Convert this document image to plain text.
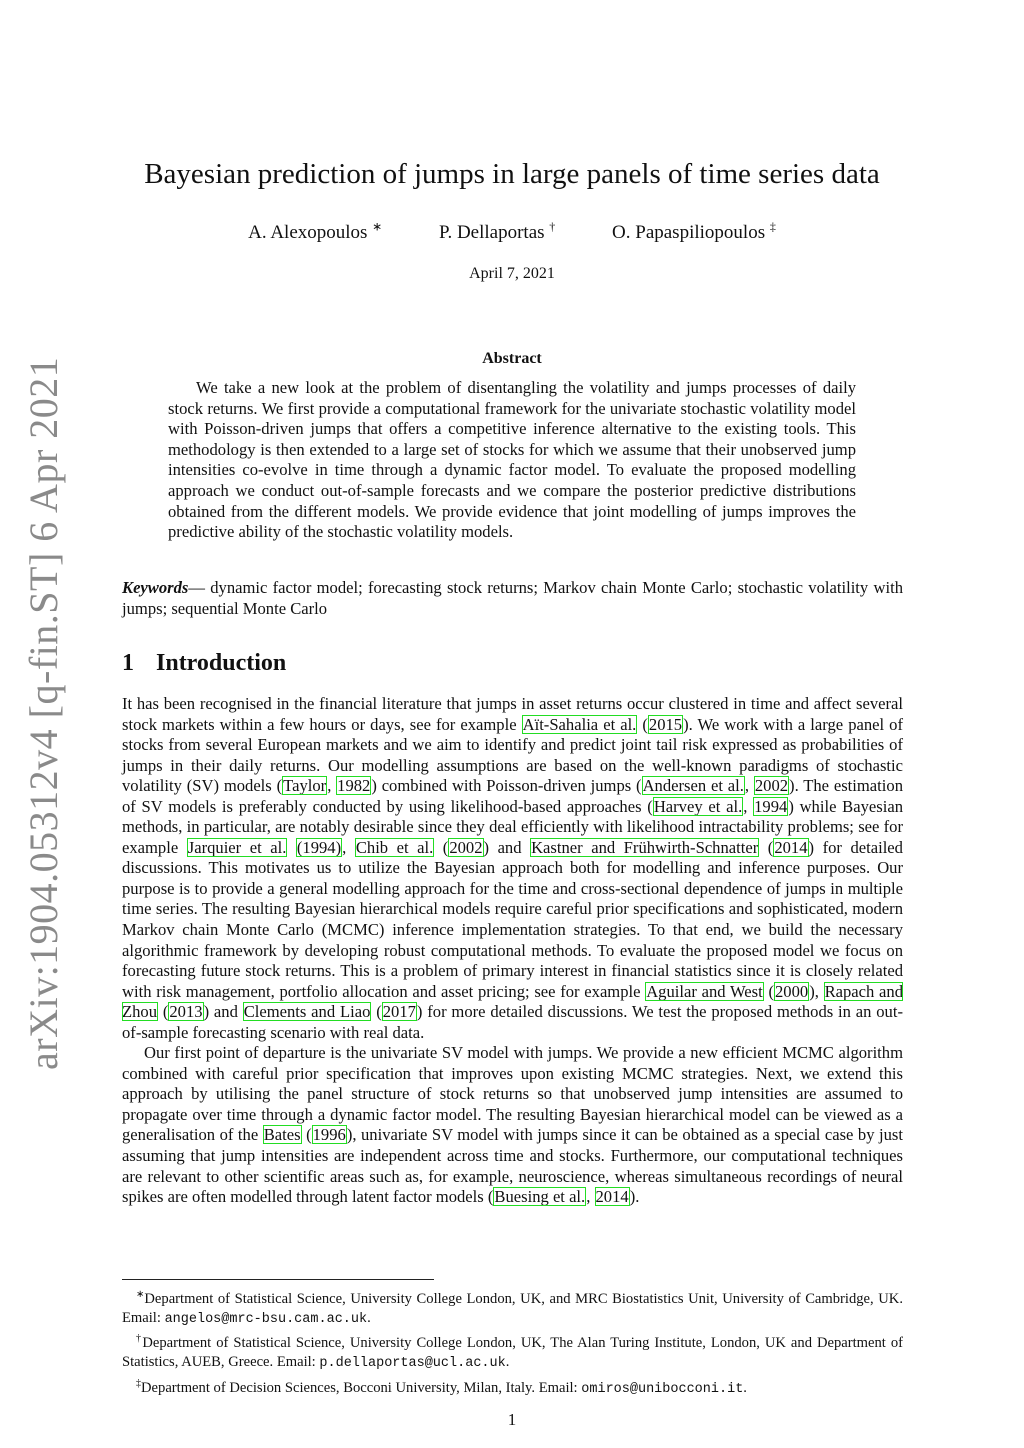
arXiv:1904.05312v4 [q-fin.ST] 6 Apr 2021
Bayesian prediction of jumps in large panels of time series data
A. Alexopoulos ∗	P. Dellaportas †	O. Papaspiliopoulos ‡
April 7, 2021
Abstract
We take a new look at the problem of disentangling the volatility and jumps processes of daily stock returns. We first provide a computational framework for the univariate stochastic volatility model with Poisson-driven jumps that offers a competitive inference alternative to the existing tools. This methodology is then extended to a large set of stocks for which we assume that their unobserved jump intensities co-evolve in time through a dynamic factor model. To evaluate the proposed modelling approach we conduct out-of-sample forecasts and we compare the posterior predictive distributions obtained from the different models. We provide evidence that joint modelling of jumps improves the predictive ability of the stochastic volatility models.
Keywords— dynamic factor model; forecasting stock returns; Markov chain Monte Carlo; stochastic volatility with jumps; sequential Monte Carlo
1 Introduction

It has been recognised in the financial literature that jumps in asset returns occur clustered in time and affect several stock markets within a few hours or days, see for example Aït-Sahalia et al. (2015). We work with a large panel of stocks from several European markets and we aim to identify and predict joint tail risk expressed as probabilities of jumps in their daily returns. Our modelling assumptions are based on the well-known paradigms of stochastic volatility (SV) models (Taylor, 1982) combined with Poisson-driven jumps (Andersen et al., 2002). The estimation of SV models is preferably conducted by using likelihood-based approaches (Harvey et al., 1994) while Bayesian methods, in particular, are notably desirable since they deal efficiently with likelihood intractability problems; see for example Jarquier et al. (1994), Chib et al. (2002) and Kastner and Frühwirth-Schnatter (2014) for detailed discussions. This motivates us to utilize the Bayesian approach both for modelling and inference purposes. Our purpose is to provide a general modelling approach for the time and cross-sectional dependence of jumps in multiple time series. The resulting Bayesian hierarchical models require careful prior specifications and sophisticated, modern Markov chain Monte Carlo (MCMC) inference implementation strategies. To that end, we build the necessary algorithmic framework by developing robust computational methods. To evaluate the proposed model we focus on forecasting future stock returns. This is a problem of primary interest in financial statistics since it is closely related with risk management, portfolio allocation and asset pricing; see for example Aguilar and West (2000), Rapach and Zhou (2013) and Clements and Liao (2017) for more detailed discussions. We test the proposed methods in an out-of-sample forecasting scenario with real data.

Our first point of departure is the univariate SV model with jumps. We provide a new efficient MCMC algorithm combined with careful prior specification that improves upon existing MCMC strategies. Next, we extend this approach by utilising the panel structure of stock returns so that unobserved jump intensities are assumed to propagate over time through a dynamic factor model. The resulting Bayesian hierarchical model can be viewed as a generalisation of the Bates (1996), univariate SV model with jumps since it can be obtained as a special case by just assuming that jump intensities are independent across time and stocks. Furthermore, our computational techniques are relevant to other scientific areas such as, for example, neuroscience, whereas simultaneous recordings of neural spikes are often modelled through latent factor models (Buesing et al., 2014).

∗Department of Statistical Science, University College London, UK, and MRC Biostatistics Unit, University of Cambridge, UK. Email: angelos@mrc-bsu.cam.ac.uk.

†Department of Statistical Science, University College London, UK, The Alan Turing Institute, London, UK and Department of Statistics, AUEB, Greece. Email: p.dellaportas@ucl.ac.uk.

‡Department of Decision Sciences, Bocconi University, Milan, Italy. Email: omiros@unibocconi.it.

1
